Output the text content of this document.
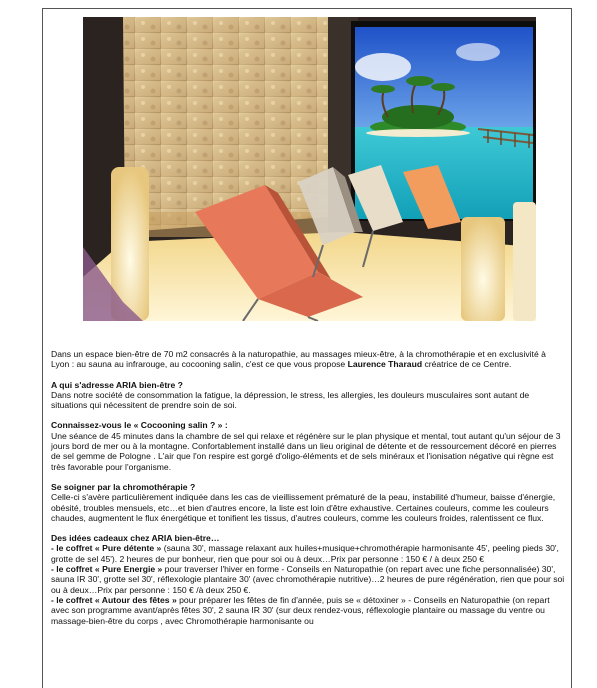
Dans un espace bien-être de 70 m2 consacrés à la naturopathie, au massages mieux-être, à la chromothérapie et en exclusivité à Lyon : au sauna au infrarouge, au cocooning salin, c'est ce que vous propose Laurence Tharaud créatrice de ce Centre.

A qui s'adresse ARIA bien-être ?

Dans notre société de consommation la fatigue, la dépression, le stress, les allergies, les douleurs musculaires sont autant de situations qui nécessitent de prendre soin de soi.

Connaissez-vous le « Cocooning salin ? » :

Une séance de 45 minutes dans la chambre de sel qui relaxe et régénère sur le plan physique et mental, tout autant qu'un séjour de 3 jours bord de mer ou à la montagne. Confortablement installé dans un lieu original de détente et de ressourcement décoré en pierres de sel gemme de Pologne . L'air que l'on respire est gorgé d'oligo-éléments et de sels minéraux et l'ionisation négative qui règne est très favorable pour l'organisme.

Se soigner par la chromothérapie ?

Celle-ci s'avère particulièrement indiquée dans les cas de vieillissement prématuré de la peau, instabilité d'humeur, baisse d'énergie, obésité, troubles mensuels, etc…et bien d'autres encore, la liste est loin d'être exhaustive. Certaines couleurs, comme les couleurs chaudes, augmentent le flux énergétique et tonifient les tissus, d'autres couleurs, comme les couleurs froides, ralentissent ce flux.

Des idées cadeaux chez ARIA bien-être…
- le coffret « Pure détente » (sauna 30', massage relaxant aux huiles+musique+chromothérapie harmonisante 45', peeling pieds 30', grotte de sel 45'). 2 heures de pur bonheur, rien que pour soi ou à deux…Prix par personne : 150 € / à deux 250 €
- le coffret « Pure Energie » pour traverser l'hiver en forme - Conseils en Naturopathie (on repart avec une fiche personnalisée) 30', sauna IR 30', grotte sel 30', réflexologie plantaire 30' (avec chromothérapie nutritive)…2 heures de pure régénération, rien que pour soi ou à deux…Prix par personne : 150 € /à deux 250 €.
- le coffret « Autour des fêtes » pour préparer les fêtes de fin d'année, puis se « détoxiner » - Conseils en Naturopathie (on repart avec son programme avant/après fêtes 30', 2 sauna IR 30' (sur deux rendez-vous, réflexologie plantaire ou massage du ventre ou massage-bien-être du corps , avec Chromothérapie harmonisante ou
